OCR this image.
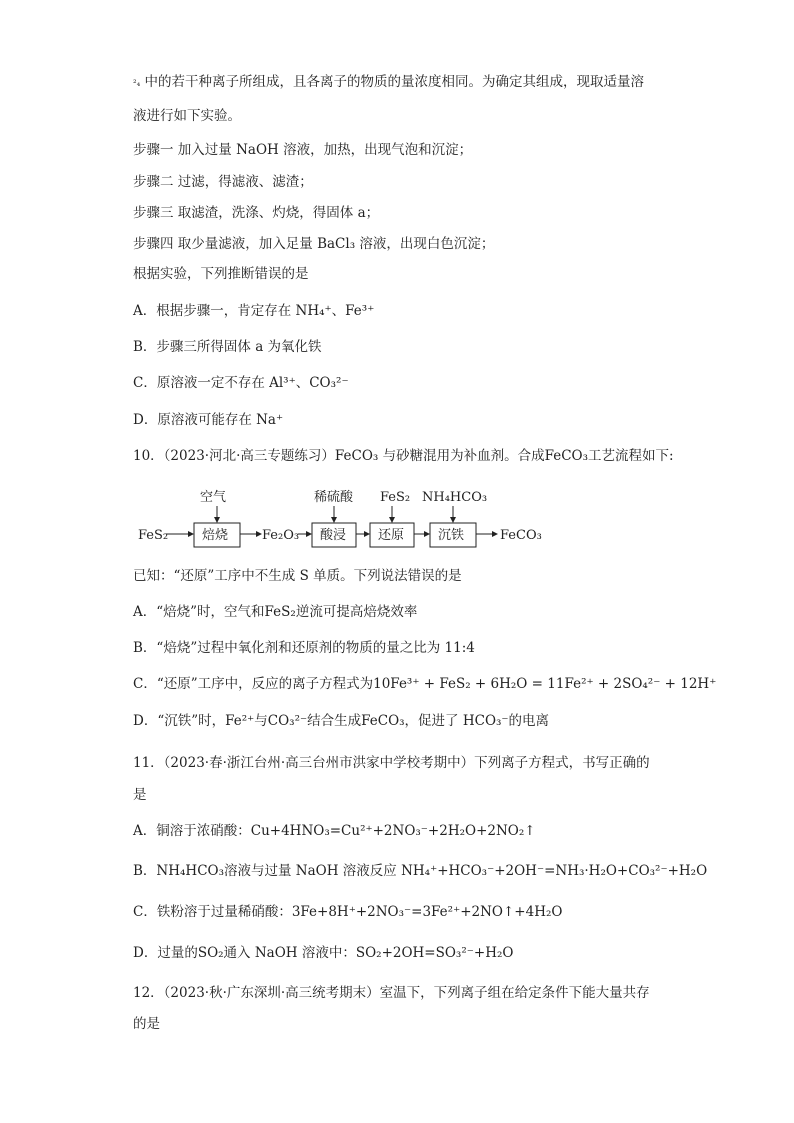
²₄ 中的若干种离子所组成，且各离子的物质的量浓度相同。为确定其组成，现取适量溶
液进行如下实验。
步骤一 加入过量 NaOH 溶液，加热，出现气泡和沉淀；
步骤二 过滤，得滤液、滤渣；
步骤三 取滤渣，洗涤、灼烧，得固体 a；
步骤四 取少量滤液，加入足量 BaCl₃ 溶液，出现白色沉淀；
根据实验，下列推断错误的是
A．根据步骤一，肯定存在 NH₄⁺、Fe³⁺
B．步骤三所得固体 a 为氧化铁
C．原溶液一定不存在 Al³⁺、CO₃²⁻
D．原溶液可能存在 Na⁺
10．（2023·河北·高三专题练习）FeCO₃ 与砂糖混用为补血剂。合成FeCO₃工艺流程如下:
FeS₂	焙烧
空气
Fe₂O₃ 酸浸
稀硫酸
还原
FeS₂
沉铁
NH₄HCO₃
FeCO₃
已知：“还原”工序中不生成 S 单质。下列说法错误的是
A．“焙烧”时，空气和FeS₂逆流可提高焙烧效率
B．“焙烧”过程中氧化剂和还原剂的物质的量之比为 11:4
C．“还原”工序中，反应的离子方程式为10Fe³⁺ + FeS₂ + 6H₂O = 11Fe²⁺ + 2SO₄²⁻ + 12H⁺
D．“沉铁”时，Fe²⁺与CO₃²⁻结合生成FeCO₃，促进了 HCO₃⁻的电离
11．（2023·春·浙江台州·高三台州市洪家中学校考期中）下列离子方程式，书写正确的
是
A．铜溶于浓硝酸：Cu+4HNO₃=Cu²⁺+2NO₃⁻+2H₂O+2NO₂↑
B．NH₄HCO₃溶液与过量 NaOH 溶液反应 NH₄⁺+HCO₃⁻+2OH⁻=NH₃·H₂O+CO₃²⁻+H₂O
C．铁粉溶于过量稀硝酸：3Fe+8H⁺+2NO₃⁻=3Fe²⁺+2NO↑+4H₂O
D．过量的SO₂通入 NaOH 溶液中：SO₂+2OH=SO₃²⁻+H₂O
12．（2023·秋·广东深圳·高三统考期末）室温下，下列离子组在给定条件下能大量共存
的是
